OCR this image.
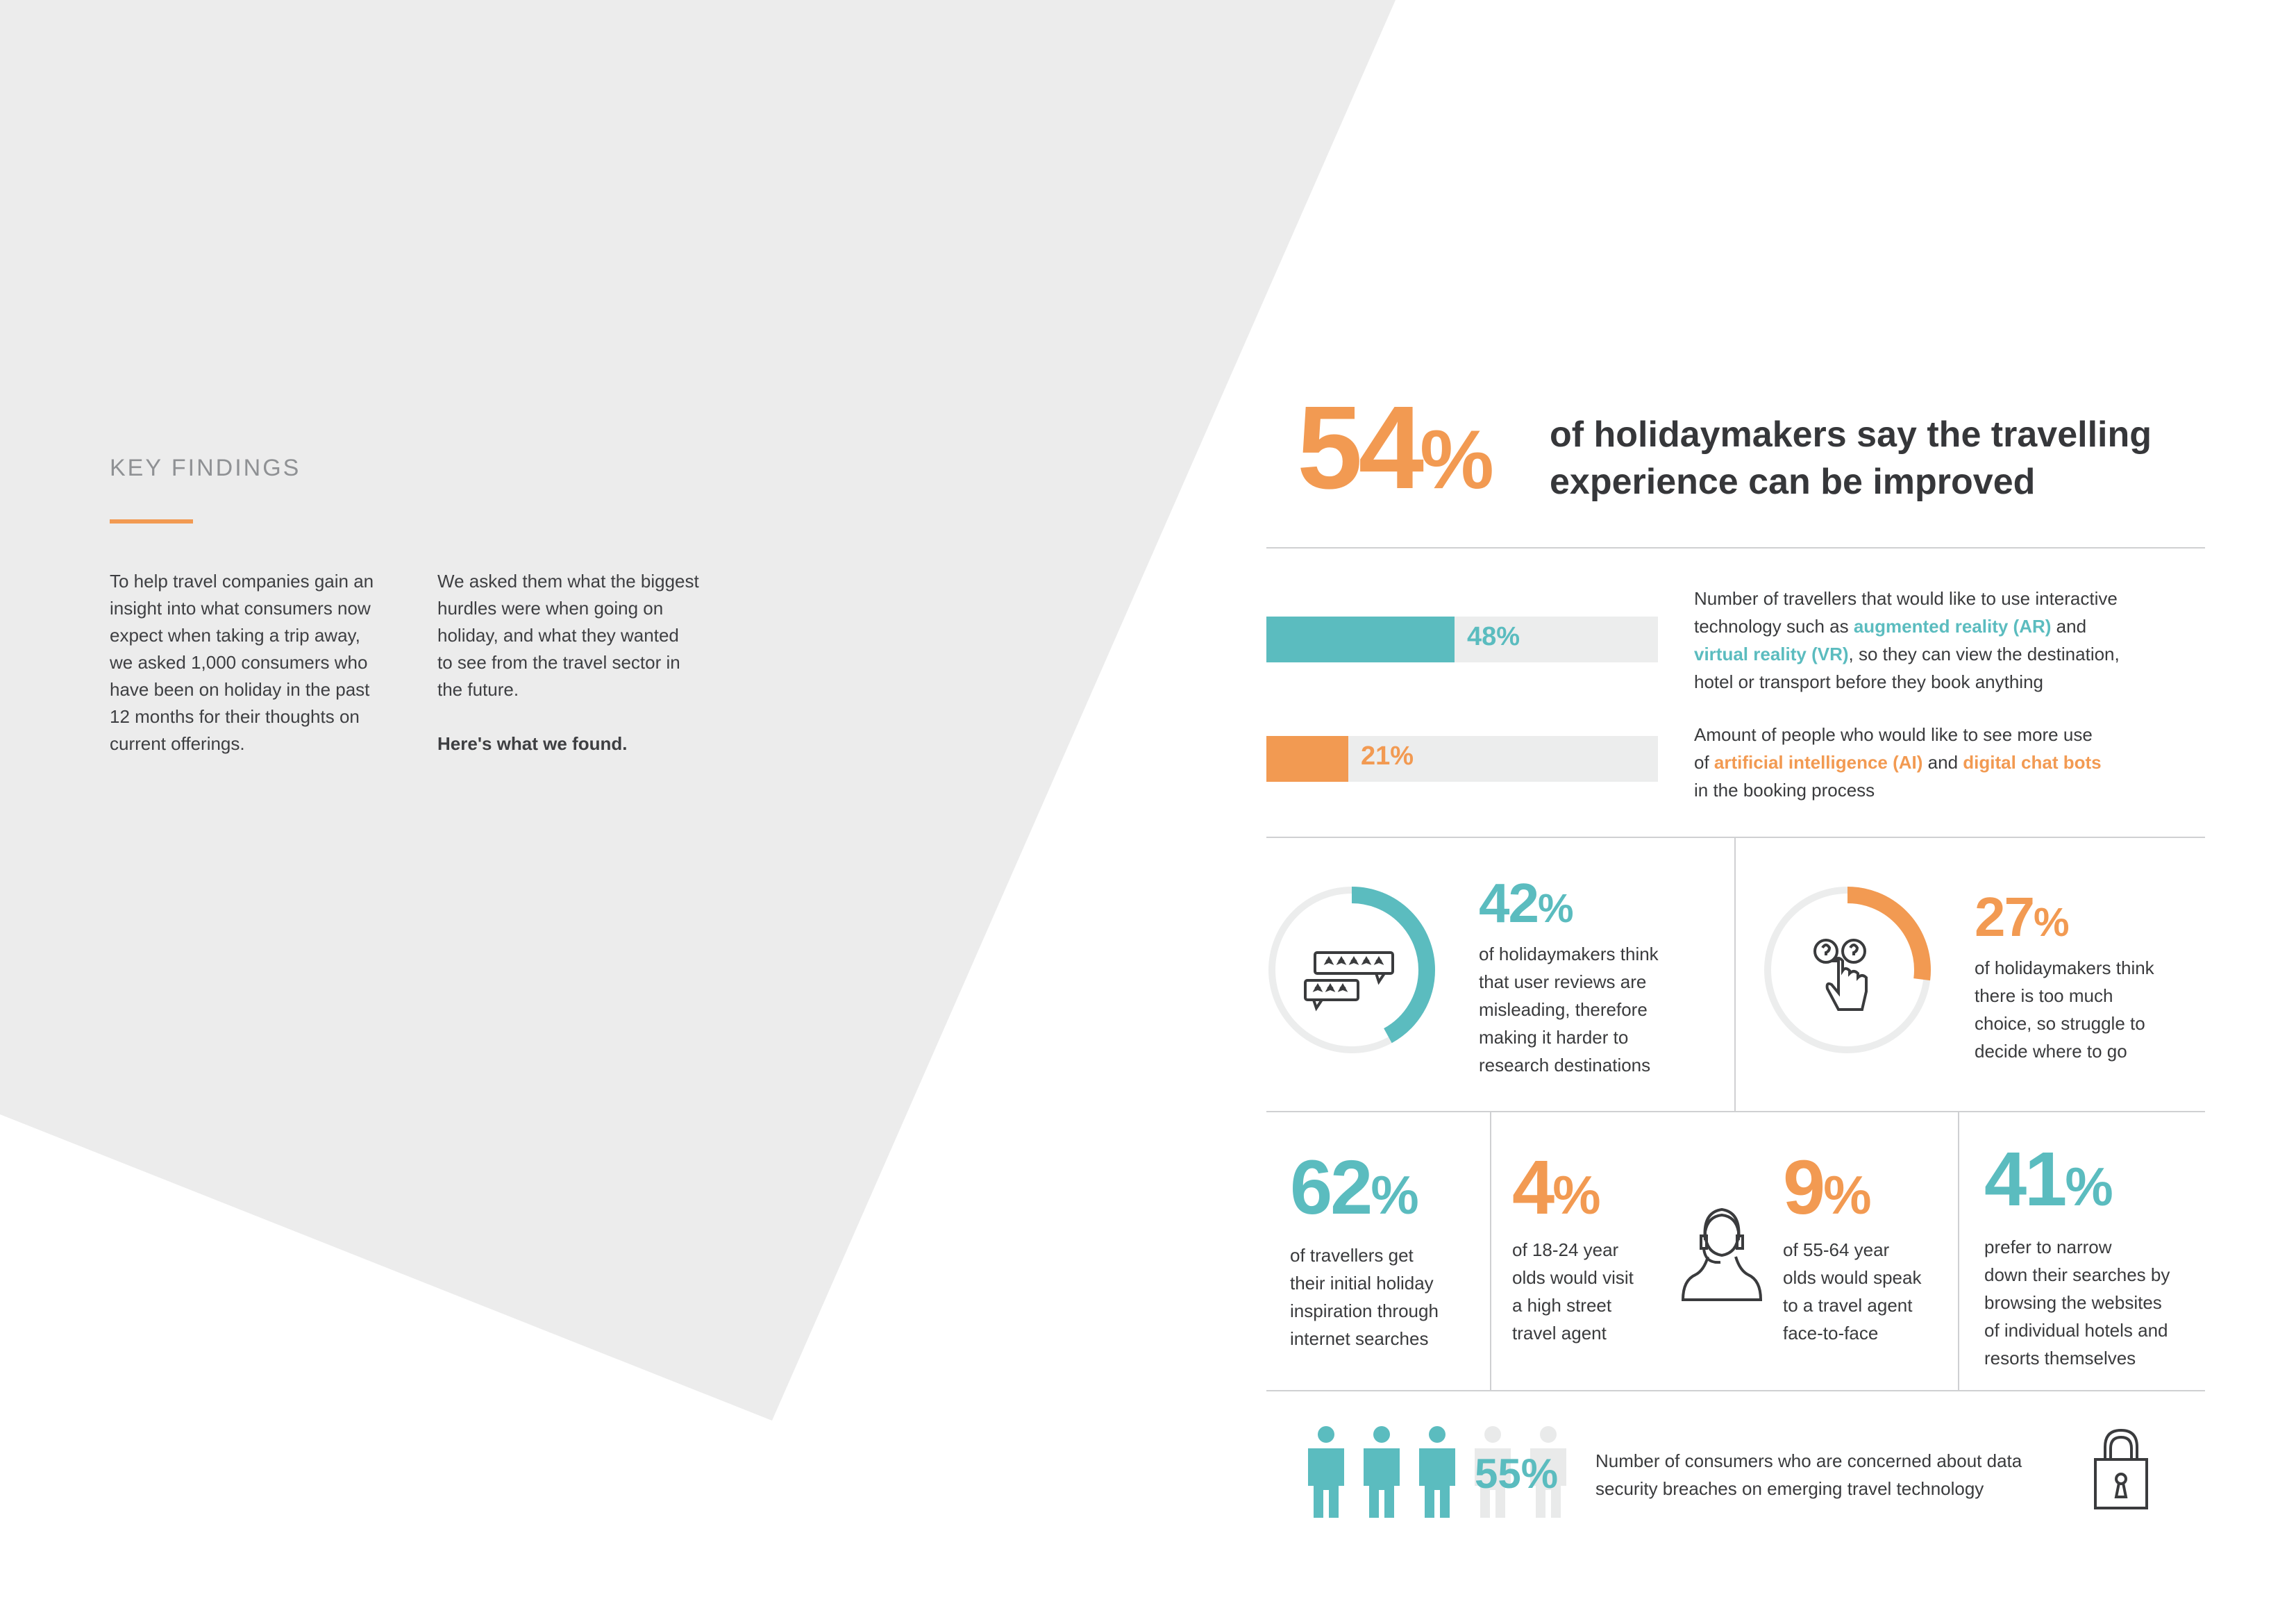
KEY FINDINGS
To help travel companies gain an
insight into what consumers now
expect when taking a trip away,
we asked 1,000 consumers who
have been on holiday in the past
12 months for their thoughts on
current offerings.
We asked them what the biggest
hurdles were when going on
holiday, and what they wanted
to see from the travel sector in
the future.
Here's what we found.
54% of holidaymakers say the travelling
experience can be improved
48%
Number of travellers that would like to use interactive
technology such as augmented reality (AR) and
virtual reality (VR), so they can view the destination,
hotel or transport before they book anything
21%
Amount of people who would like to see more use
of artificial intelligence (AI) and digital chat bots
in the booking process
42%
of holidaymakers think
that user reviews are
misleading, therefore
making it harder to
research destinations
27%
of holidaymakers think
there is too much
choice, so struggle to
decide where to go
62%
of travellers get
their initial holiday
inspiration through
internet searches
4%
of 18-24 year
olds would visit
a high street
travel agent
9%
of 55-64 year
olds would speak
to a travel agent
face-to-face
41%
prefer to narrow
down their searches by
browsing the websites
of individual hotels and
resorts themselves
55% Number of consumers who are concerned about data
security breaches on emerging travel technology
